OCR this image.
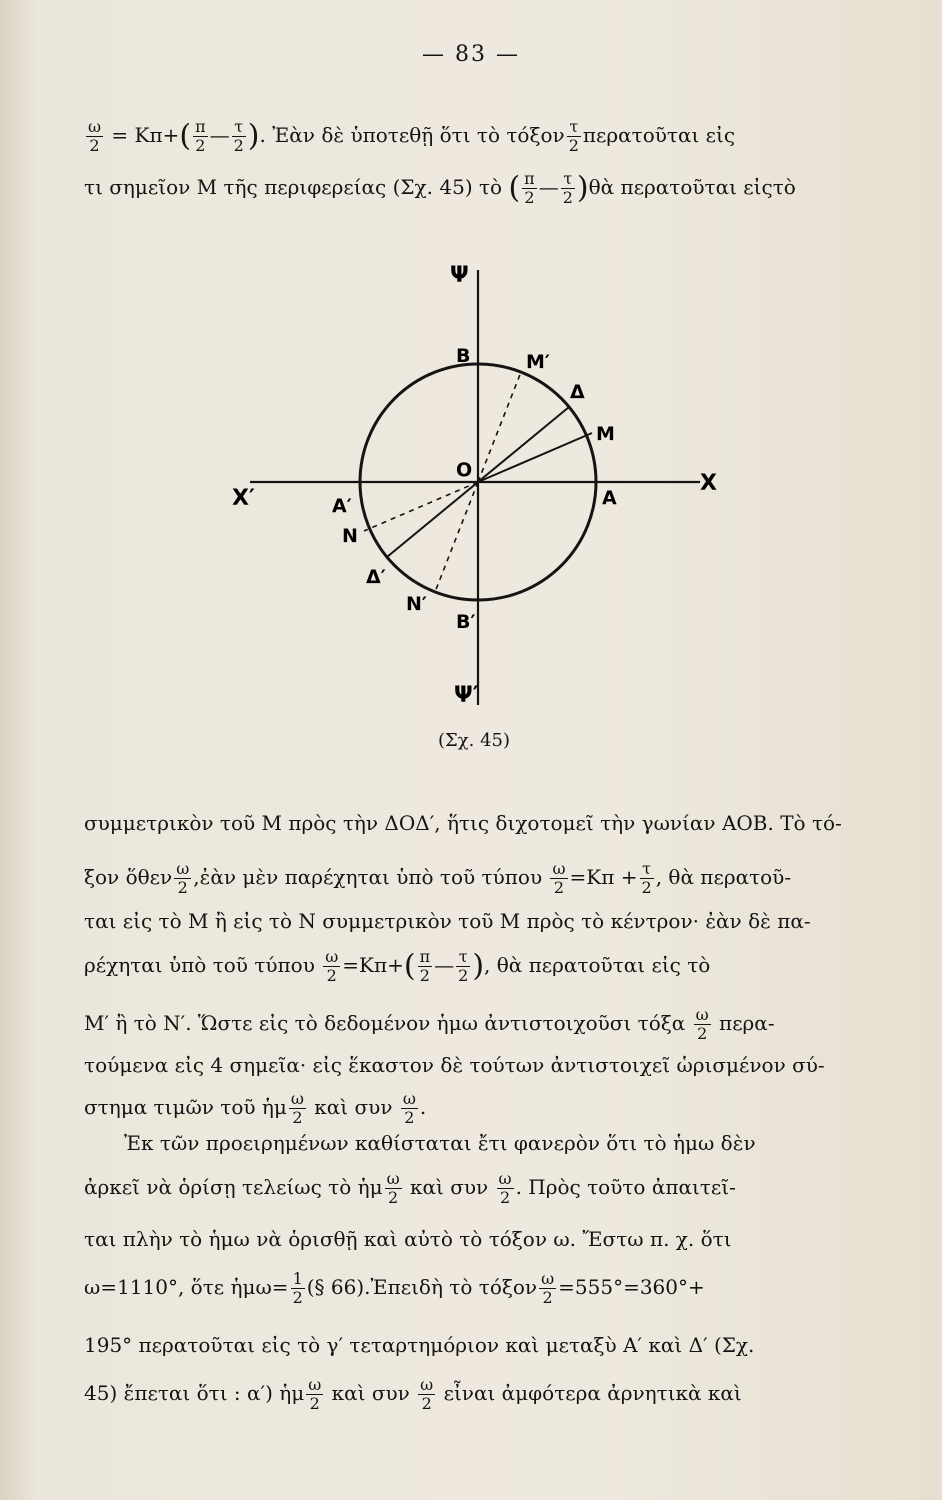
— 83 —
$\frac{\omega}{2} = K\pi+( \frac{\pi}{2}$ — $\frac{\tau}{2}$ ). Ἐὰν δὲ ὑποτεθῇ ὅτι τὸ τόξον $\frac{\tau}{2}$ περατοῦται εἰς
τι σημεῖον Μ τῆς περιφερείας (Σχ. 45) τὸ ( $\frac{\pi}{2}$ — $\frac{\tau}{2}$ )θὰ περατοῦται εἰςτὸ
Ψ
Ψ′
Χ′
Χ
Β	Μ′
Δ
Μ
Ο
Α
Α′
Ν
Δ′
Ν′
Β′
(Σχ. 45)
συμμετρικὸν τοῦ Μ πρὸς τὴν ΔΟΔ′, ἥτις διχοτομεῖ τὴν γωνίαν ΑΟΒ. Τὸ τό-
ξον ὅθεν $\frac{\omega}{2}$ ,ἐὰν μὲν παρέχηται ὑπὸ τοῦ τύπου $\frac{\omega}{2} =K\pi + \frac{\tau}{2}$ , θὰ περατοῦ-
ται εἰς τὸ Μ ἢ εἰς τὸ Ν συμμετρικὸν τοῦ Μ πρὸς τὸ κέντρον· ἐὰν δὲ πα-
ρέχηται ὑπὸ τοῦ τύπου $\frac{\omega}{2} =K\pi+( \frac{\pi}{2}$ — $\frac{\tau}{2}$ ), θὰ περατοῦται εἰς τὸ
Μ′ ἢ τὸ Ν′. Ὥστε εἰς τὸ δεδομένον ἡμω ἀντιστοιχοῦσι τόξα $\frac{\omega}{2} \pi\varepsilon\rho\alpha-$
τούμενα εἰς 4 σημεῖα· εἰς ἕκαστον δὲ τούτων ἀντιστοιχεῖ ὡρισμένον σύ-
στημα τιμῶν τοῦ ἡμ $\frac{\omega}{2}$ καὶ συν $\frac{\omega}{2}$ .
Ἐκ τῶν προειρημένων καθίσταται ἔτι φανερὸν ὅτι τὸ ἡμω δὲν
ἀρκεῖ νὰ ὁρίσῃ τελείως τὸ ἡμ $\frac{\omega}{2}$ καὶ συν $\frac{\omega}{2}$ . Πρὸς τοῦτο ἀπαιτεῖ-
ται πλὴν τὸ ἡμω νὰ ὁρισθῇ καὶ αὐτὸ τὸ τόξον ω. Ἔστω π. χ. ὅτι
ω=1110°, ὅτε ἡμω= $\frac{1}{2}$ (§ 66).Ἐπειδὴ τὸ τόξον $\frac{\omega}{2} =555^\circ=360^\circ+$
195° περατοῦται εἰς τὸ γ′ τεταρτημόριον καὶ μεταξὺ Α′ καὶ Δ′ (Σχ.
45) ἔπεται ὅτι : α′) ἡμ $\frac{\omega}{2}$ καὶ συν $\frac{\omega}{2}$ εἶναι ἀμφότερα ἀρνητικὰ καὶ
